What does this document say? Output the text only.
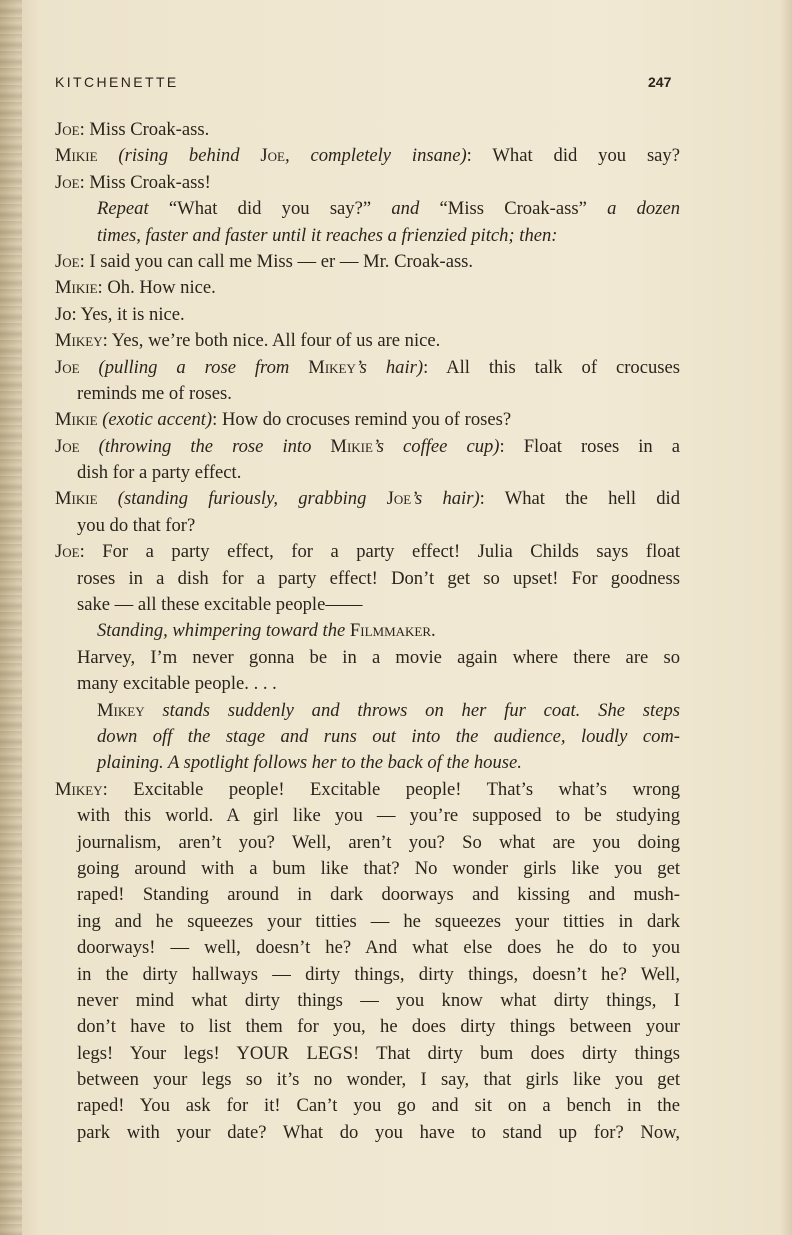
KITCHENETTE	247
Joe: Miss Croak-ass.
Mikie (rising behind Joe, completely insane): What did you say?
Joe: Miss Croak-ass!
Repeat “What did you say?” and “Miss Croak-ass” a dozen
times, faster and faster until it reaches a frienzied pitch; then:
Joe: I said you can call me Miss — er — Mr. Croak-ass.
Mikie: Oh. How nice.
Jo: Yes, it is nice.
Mikey: Yes, we’re both nice. All four of us are nice.
Joe (pulling a rose from Mikey’s hair): All this talk of crocuses
reminds me of roses.
Mikie (exotic accent): How do crocuses remind you of roses?
Joe (throwing the rose into Mikie’s coffee cup): Float roses in a
dish for a party effect.
Mikie (standing furiously, grabbing Joe’s hair): What the hell did
you do that for?
Joe: For a party effect, for a party effect! Julia Childs says float
roses in a dish for a party effect! Don’t get so upset! For goodness
sake — all these excitable people——
Standing, whimpering toward the Filmmaker.
Harvey, I’m never gonna be in a movie again where there are so
many excitable people. . . .
Mikey stands suddenly and throws on her fur coat. She steps
down off the stage and runs out into the audience, loudly com-
plaining. A spotlight follows her to the back of the house.
Mikey: Excitable people! Excitable people! That’s what’s wrong
with this world. A girl like you — you’re supposed to be studying
journalism, aren’t you? Well, aren’t you? So what are you doing
going around with a bum like that? No wonder girls like you get
raped! Standing around in dark doorways and kissing and mush-
ing and he squeezes your titties — he squeezes your titties in dark
doorways! — well, doesn’t he? And what else does he do to you
in the dirty hallways — dirty things, dirty things, doesn’t he? Well,
never mind what dirty things — you know what dirty things, I
don’t have to list them for you, he does dirty things between your
legs! Your legs! YOUR LEGS! That dirty bum does dirty things
between your legs so it’s no wonder, I say, that girls like you get
raped! You ask for it! Can’t you go and sit on a bench in the
park with your date? What do you have to stand up for? Now,
